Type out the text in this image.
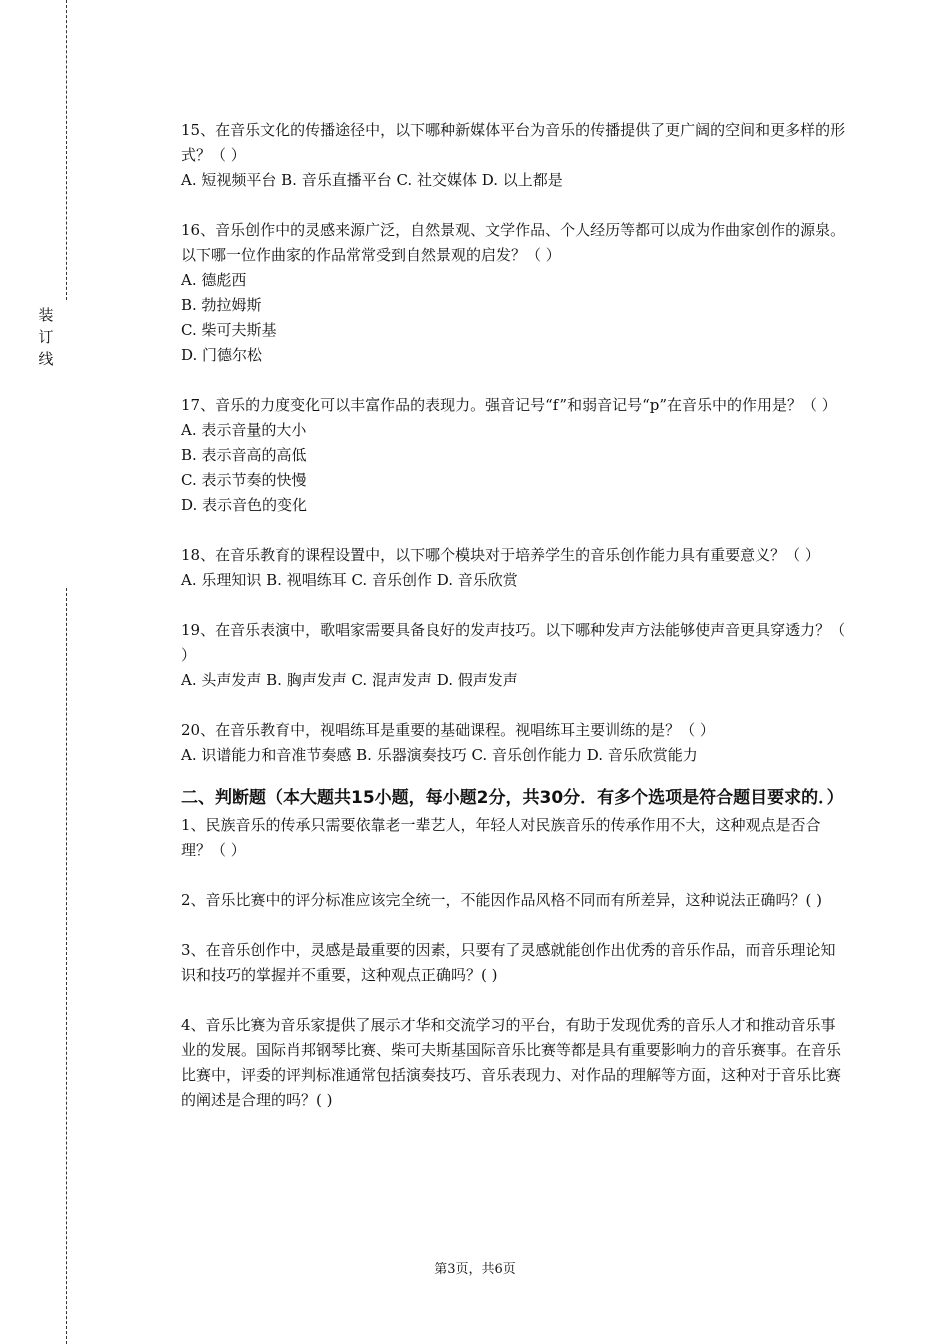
装
订
线

15、在音乐文化的传播途径中，以下哪种新媒体平台为音乐的传播提供了更广阔的空间和更多样的形式？（ ）

A. 短视频平台 B. 音乐直播平台 C. 社交媒体 D. 以上都是

16、音乐创作中的灵感来源广泛，自然景观、文学作品、个人经历等都可以成为作曲家创作的源泉。以下哪一位作曲家的作品常常受到自然景观的启发？（ ）

A. 德彪西
B. 勃拉姆斯
C. 柴可夫斯基
D. 门德尔松

17、音乐的力度变化可以丰富作品的表现力。强音记号“f”和弱音记号“p”在音乐中的作用是？（ ）

A. 表示音量的大小
B. 表示音高的高低
C. 表示节奏的快慢
D. 表示音色的变化

18、在音乐教育的课程设置中，以下哪个模块对于培养学生的音乐创作能力具有重要意义？（ ）

A. 乐理知识 B. 视唱练耳 C. 音乐创作 D. 音乐欣赏

19、在音乐表演中，歌唱家需要具备良好的发声技巧。以下哪种发声方法能够使声音更具穿透力？（ ）

A. 头声发声 B. 胸声发声 C. 混声发声 D. 假声发声

20、在音乐教育中，视唱练耳是重要的基础课程。视唱练耳主要训练的是？（ ）

A. 识谱能力和音准节奏感 B. 乐器演奏技巧 C. 音乐创作能力 D. 音乐欣赏能力

二、判断题（本大题共15小题，每小题2分，共30分．有多个选项是符合题目要求的．）

1、民族音乐的传承只需要依靠老一辈艺人，年轻人对民族音乐的传承作用不大，这种观点是否合理？（ ）

2、音乐比赛中的评分标准应该完全统一，不能因作品风格不同而有所差异，这种说法正确吗？( )

3、在音乐创作中，灵感是最重要的因素，只要有了灵感就能创作出优秀的音乐作品，而音乐理论知识和技巧的掌握并不重要，这种观点正确吗？( )

4、音乐比赛为音乐家提供了展示才华和交流学习的平台，有助于发现优秀的音乐人才和推动音乐事业的发展。国际肖邦钢琴比赛、柴可夫斯基国际音乐比赛等都是具有重要影响力的音乐赛事。在音乐比赛中，评委的评判标准通常包括演奏技巧、音乐表现力、对作品的理解等方面，这种对于音乐比赛的阐述是合理的吗？( )

第3页，共6页
